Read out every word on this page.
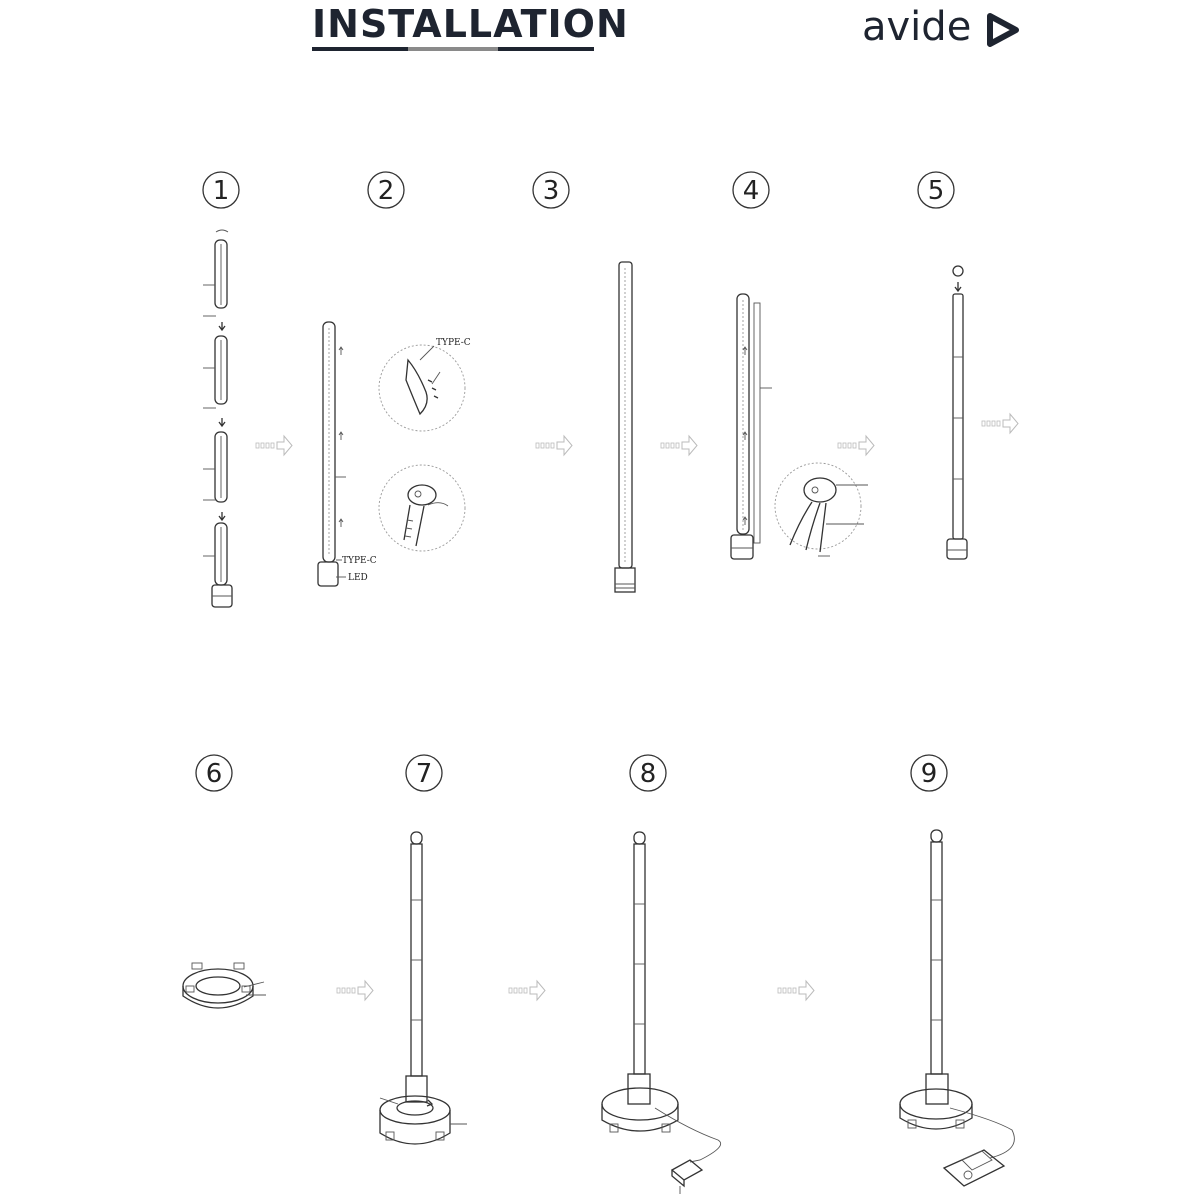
INSTALLATION	avide
1	2	3	4	5
6	7	8	9
TYPE-C
LED
TYPE-C
